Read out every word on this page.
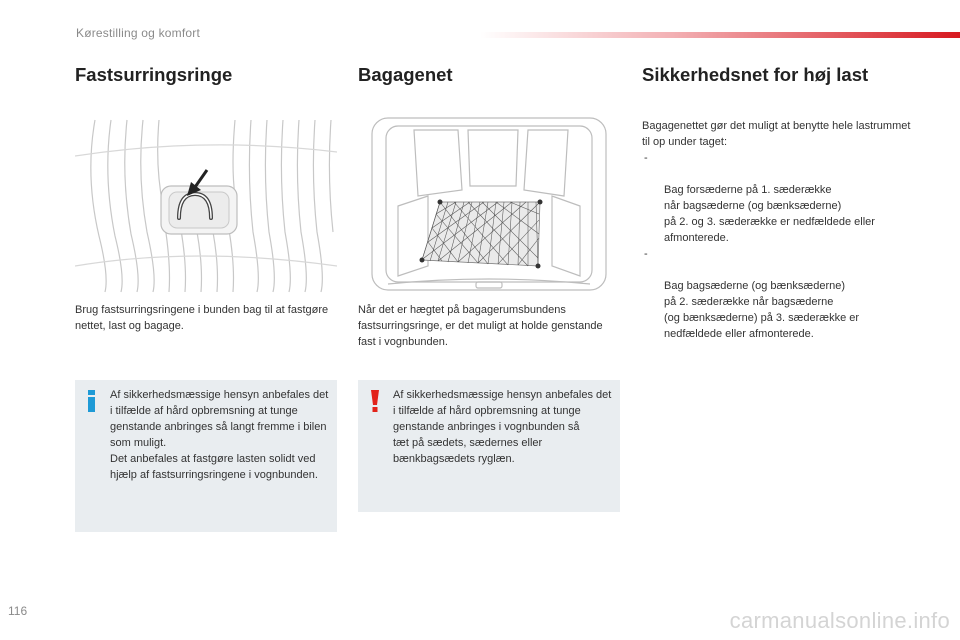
Kørestilling og komfort
Fastsurringsringe
Brug fastsurringsringene i bunden bag til at fastgøre nettet, last og bagage.
Af sikkerhedsmæssige hensyn anbefales det i tilfælde af hård opbremsning at tunge genstande anbringes så langt fremme i bilen som muligt.
Det anbefales at fastgøre lasten solidt ved hjælp af fastsurringsringene i vognbunden.
Bagagenet
Når det er hægtet på bagagerumsbundens fastsurringsringe, er det muligt at holde genstande fast i vognbunden.
Af sikkerhedsmæssige hensyn anbefales det i tilfælde af hård opbremsning at tunge genstande anbringes i vognbunden så
tæt på sædets, sædernes eller bænkbagsædets ryglæn.
Sikkerhedsnet for høj last
Bagagenettet gør det muligt at benytte hele lastrummet til op under taget:

-

Bag forsæderne på 1. sæderække
når bagsæderne (og bænksæderne)
på 2. og 3. sæderække er nedfældede eller afmonterede.

-

Bag bagsæderne (og bænksæderne)
på 2. sæderække når bagsæderne
(og bænksæderne) på 3. sæderække er nedfældede eller afmonterede.

116	carmanualsonline.info
